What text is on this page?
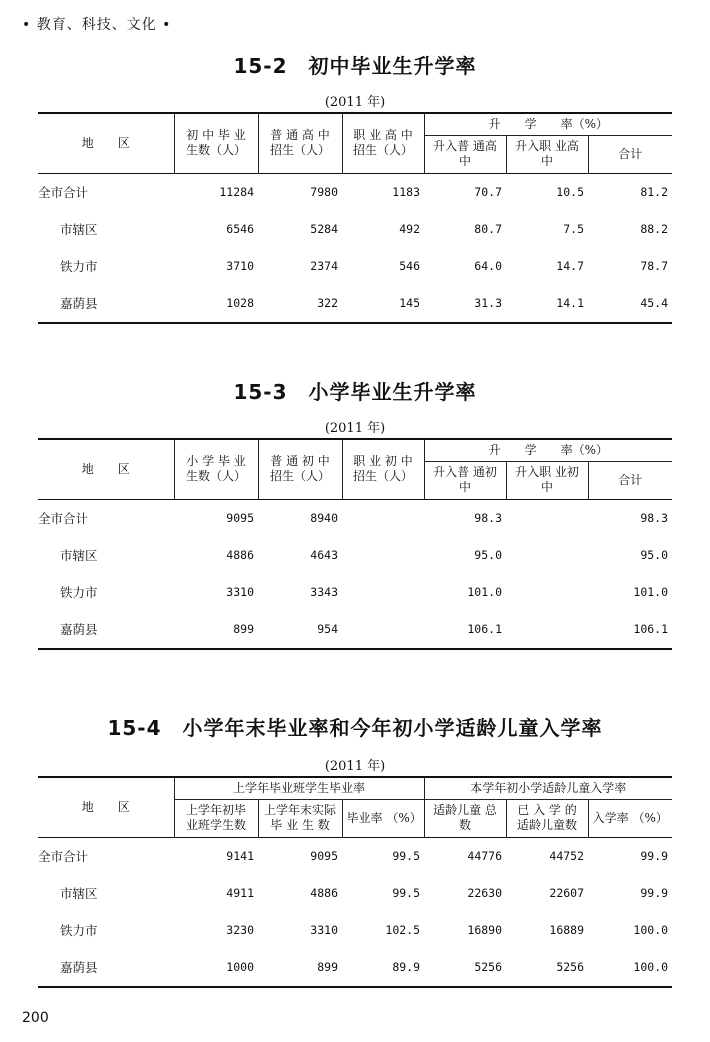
• 教育、科技、文化 •
15-2　初中毕业生升学率
(2011 年)
地　　区	初 中 毕 业 生数（人）	普 通 高 中 招生（人）	职 业 高 中 招生（人）	升　　学　　率（%）		
				升入普 通高中	升入职 业高中	合计
全市合计	11284	7980	1183	70.7	10.5	81.2
市辖区	6546	5284	492	80.7	7.5	88.2
铁力市	3710	2374	546	64.0	14.7	78.7
嘉荫县	1028	322	145	31.3	14.1	45.4
15-3　小学毕业生升学率
(2011 年)
地　　区	小 学 毕 业 生数（人）	普 通 初 中 招生（人）	职 业 初 中 招生（人）	升　　学　　率（%）		
				升入普 通初中	升入职 业初中	合计
全市合计	9095	8940		98.3		98.3
市辖区	4886	4643		95.0		95.0
铁力市	3310	3343		101.0		101.0
嘉荫县	899	954		106.1		106.1
15-4　小学年末毕业率和今年初小学适龄儿童入学率
(2011 年)
地　　区	上学年毕业班学生毕业率			本学年初小学适龄儿童入学率		
	上学年初毕 业班学生数	上学年末实际 毕 业 生 数	毕业率 （%）	适龄儿童 总　　数	已 入 学 的 适龄儿童数	入学率 （%）
全市合计	9141	9095	99.5	44776	44752	99.9
市辖区	4911	4886	99.5	22630	22607	99.9
铁力市	3230	3310	102.5	16890	16889	100.0
嘉荫县	1000	899	89.9	5256	5256	100.0
200
